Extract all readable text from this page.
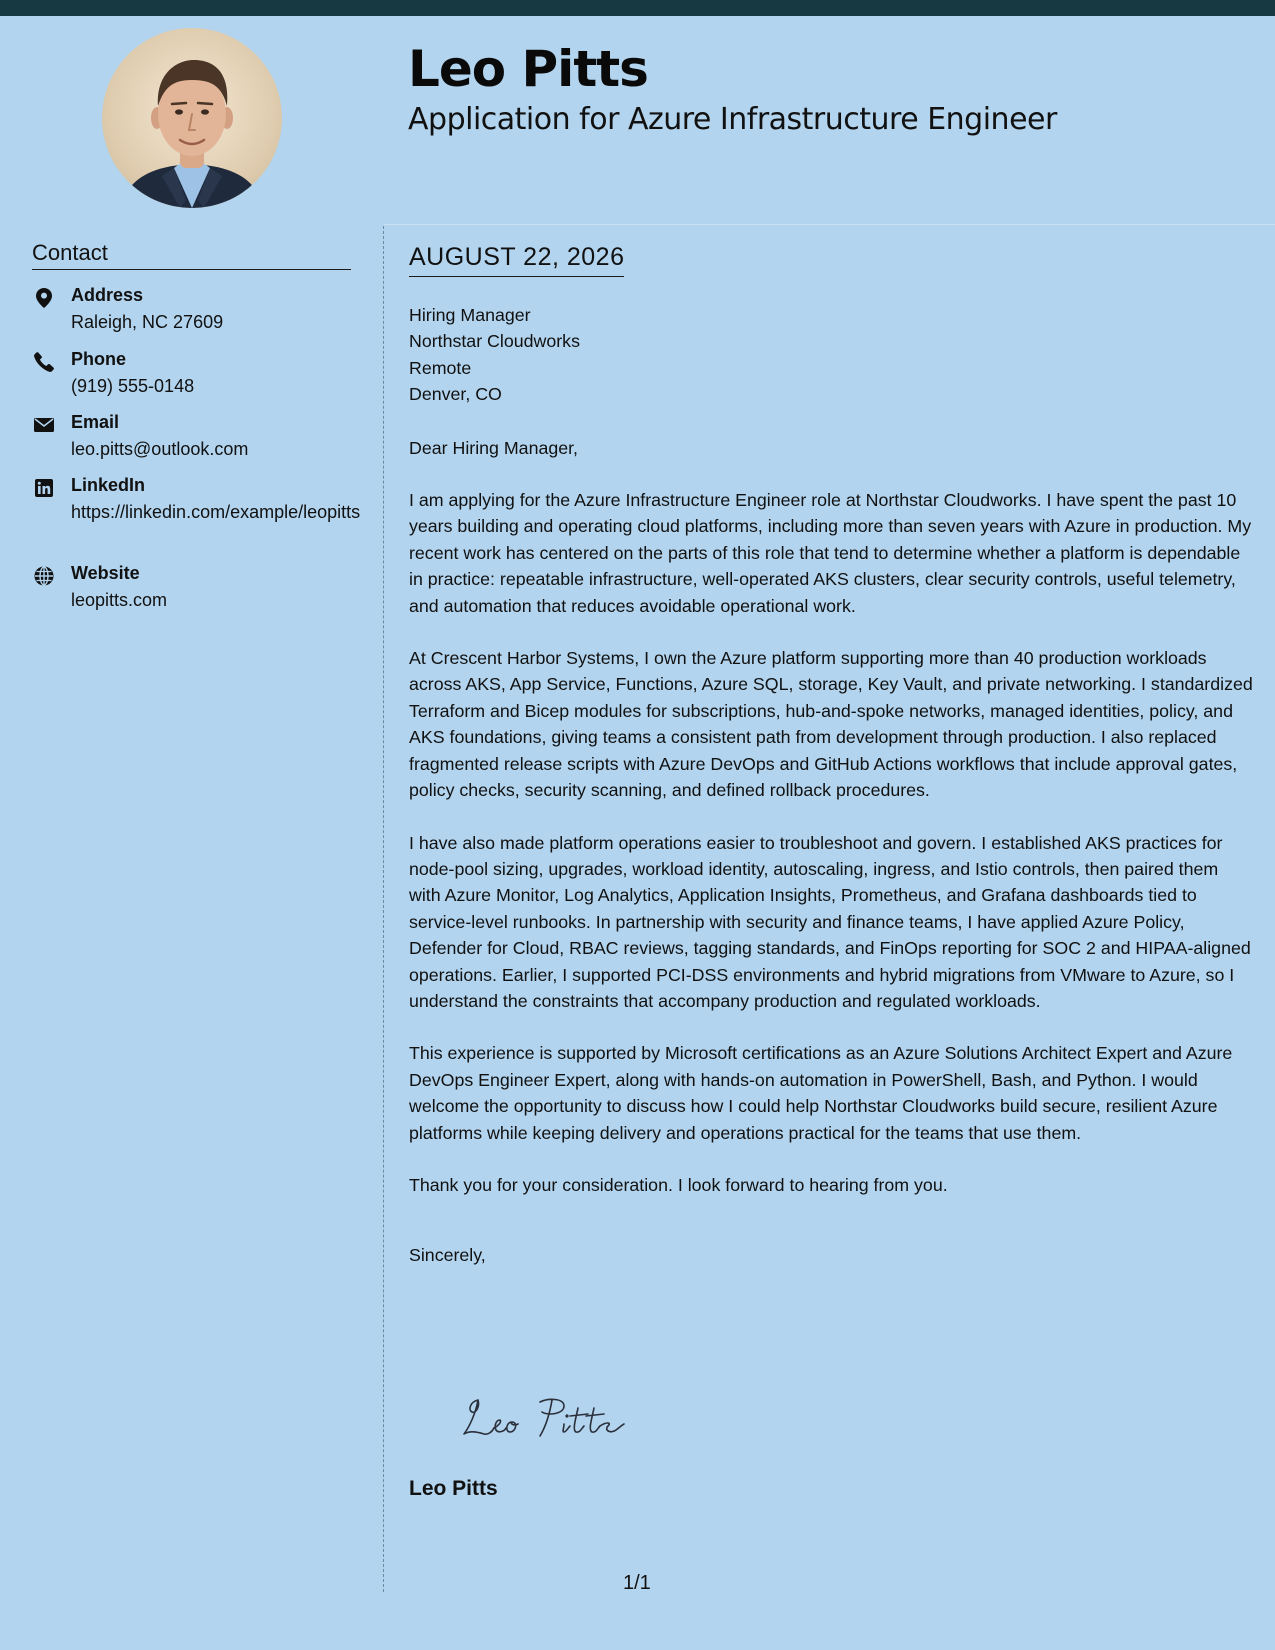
Leo Pitts
Application for Azure Infrastructure Engineer
Contact
Address
Raleigh, NC 27609
Phone
(919) 555-0148
Email
leo.pitts@outlook.com
LinkedIn
https://linkedin.com/example/leopitts
Website
leopitts.com
AUGUST 22, 2026
Hiring Manager
Northstar Cloudworks
Remote
Denver, CO
Dear Hiring Manager,

I am applying for the Azure Infrastructure Engineer role at Northstar Cloudworks. I have spent the past 10 years building and operating cloud platforms, including more than seven years with Azure in production. My recent work has centered on the parts of this role that tend to determine whether a platform is dependable in practice: repeatable infrastructure, well-operated AKS clusters, clear security controls, useful telemetry, and automation that reduces avoidable operational work.

At Crescent Harbor Systems, I own the Azure platform supporting more than 40 production workloads across AKS, App Service, Functions, Azure SQL, storage, Key Vault, and private networking. I standardized Terraform and Bicep modules for subscriptions, hub-and-spoke networks, managed identities, policy, and AKS foundations, giving teams a consistent path from development through production. I also replaced fragmented release scripts with Azure DevOps and GitHub Actions workflows that include approval gates, policy checks, security scanning, and defined rollback procedures.

I have also made platform operations easier to troubleshoot and govern. I established AKS practices for node-pool sizing, upgrades, workload identity, autoscaling, ingress, and Istio controls, then paired them with Azure Monitor, Log Analytics, Application Insights, Prometheus, and Grafana dashboards tied to service-level runbooks. In partnership with security and finance teams, I have applied Azure Policy, Defender for Cloud, RBAC reviews, tagging standards, and FinOps reporting for SOC 2 and HIPAA-aligned operations. Earlier, I supported PCI-DSS environments and hybrid migrations from VMware to Azure, so I understand the constraints that accompany production and regulated workloads.

This experience is supported by Microsoft certifications as an Azure Solutions Architect Expert and Azure DevOps Engineer Expert, along with hands-on automation in PowerShell, Bash, and Python. I would welcome the opportunity to discuss how I could help Northstar Cloudworks build secure, resilient Azure platforms while keeping delivery and operations practical for the teams that use them.

Thank you for your consideration. I look forward to hearing from you.

Sincerely,
Leo Pitts
1/1
